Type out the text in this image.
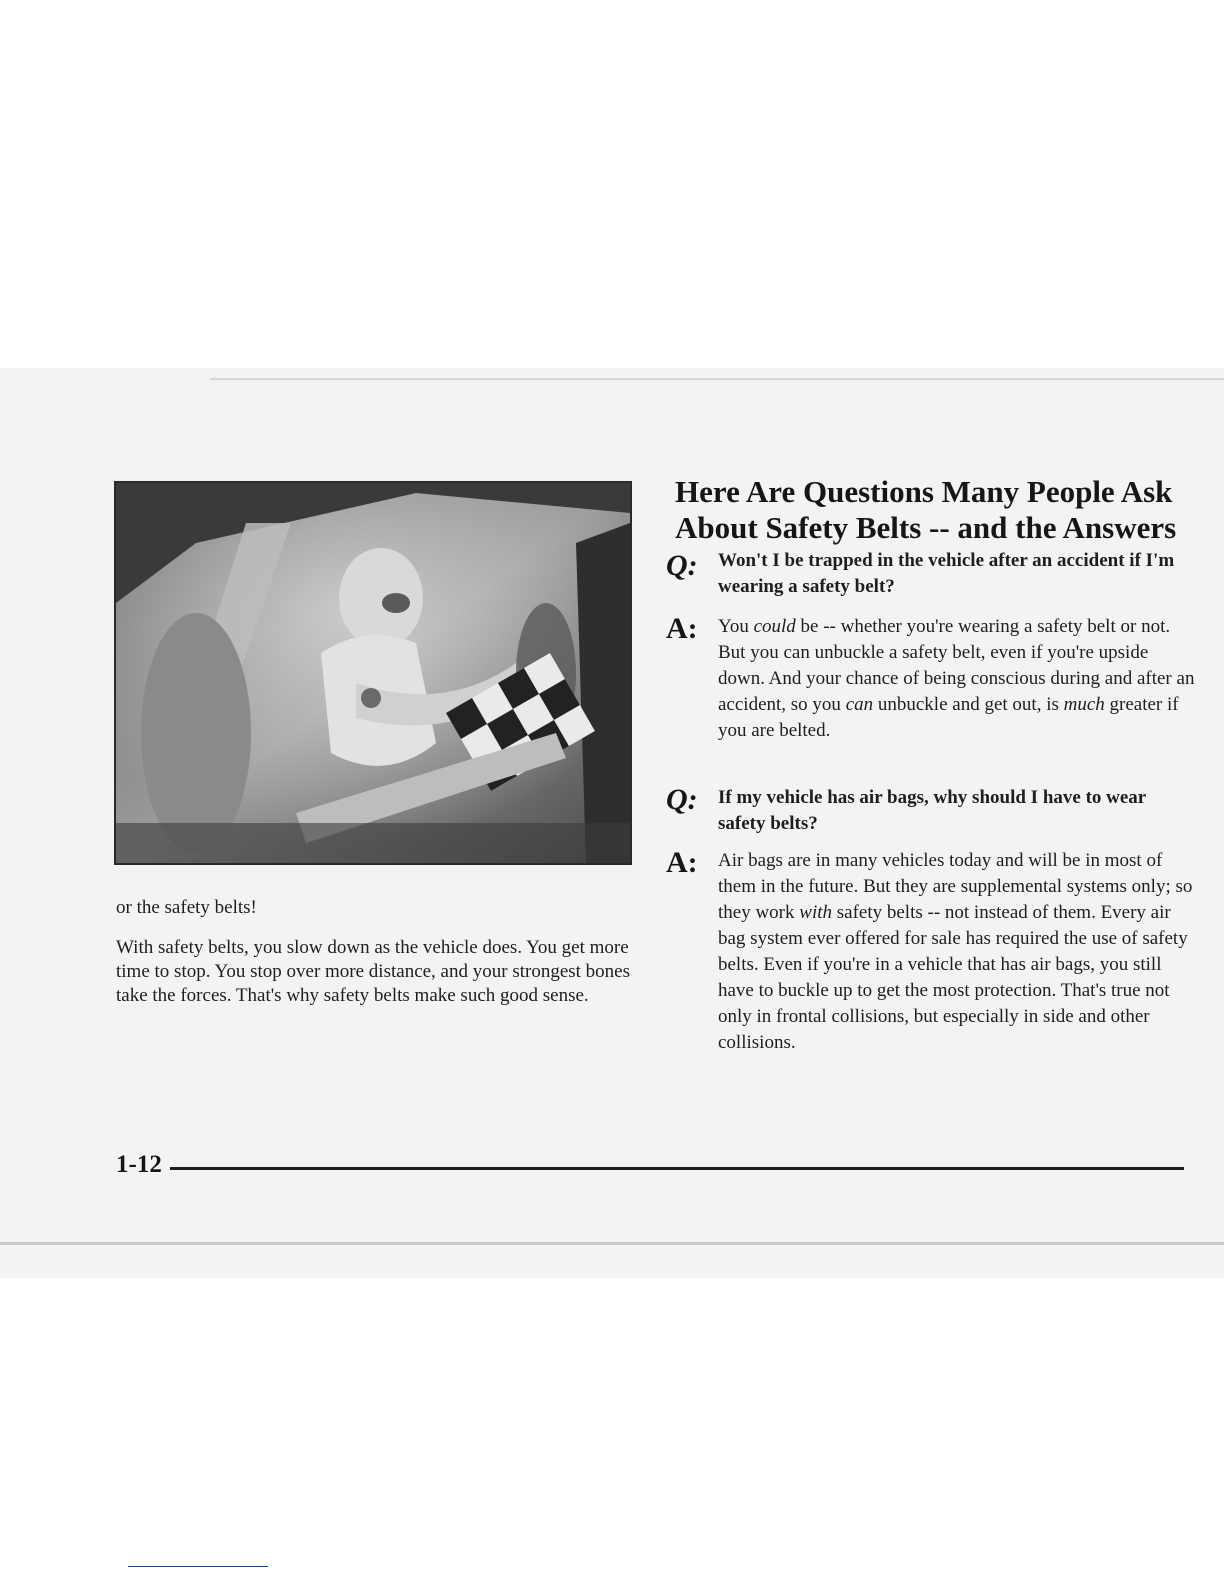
or the safety belts!

With safety belts, you slow down as the vehicle does. You get more time to stop. You stop over more distance, and your strongest bones take the forces. That's why safety belts make such good sense.

Here Are Questions Many People Ask
About Safety Belts -- and the Answers
Q: Won't I be trapped in the vehicle after an accident if I'm wearing a safety belt?

A: You could be -- whether you're wearing a safety belt or not. But you can unbuckle a safety belt, even if you're upside down. And your chance of being conscious during and after an accident, so you can unbuckle and get out, is much greater if you are belted.

Q: If my vehicle has air bags, why should I have to wear safety belts?

A: Air bags are in many vehicles today and will be in most of them in the future. But they are supplemental systems only; so they work with safety belts -- not instead of them. Every air bag system ever offered for sale has required the use of safety belts. Even if you're in a vehicle that has air bags, you still have to buckle up to get the most protection. That's true not only in frontal collisions, but especially in side and other collisions.

1-12
